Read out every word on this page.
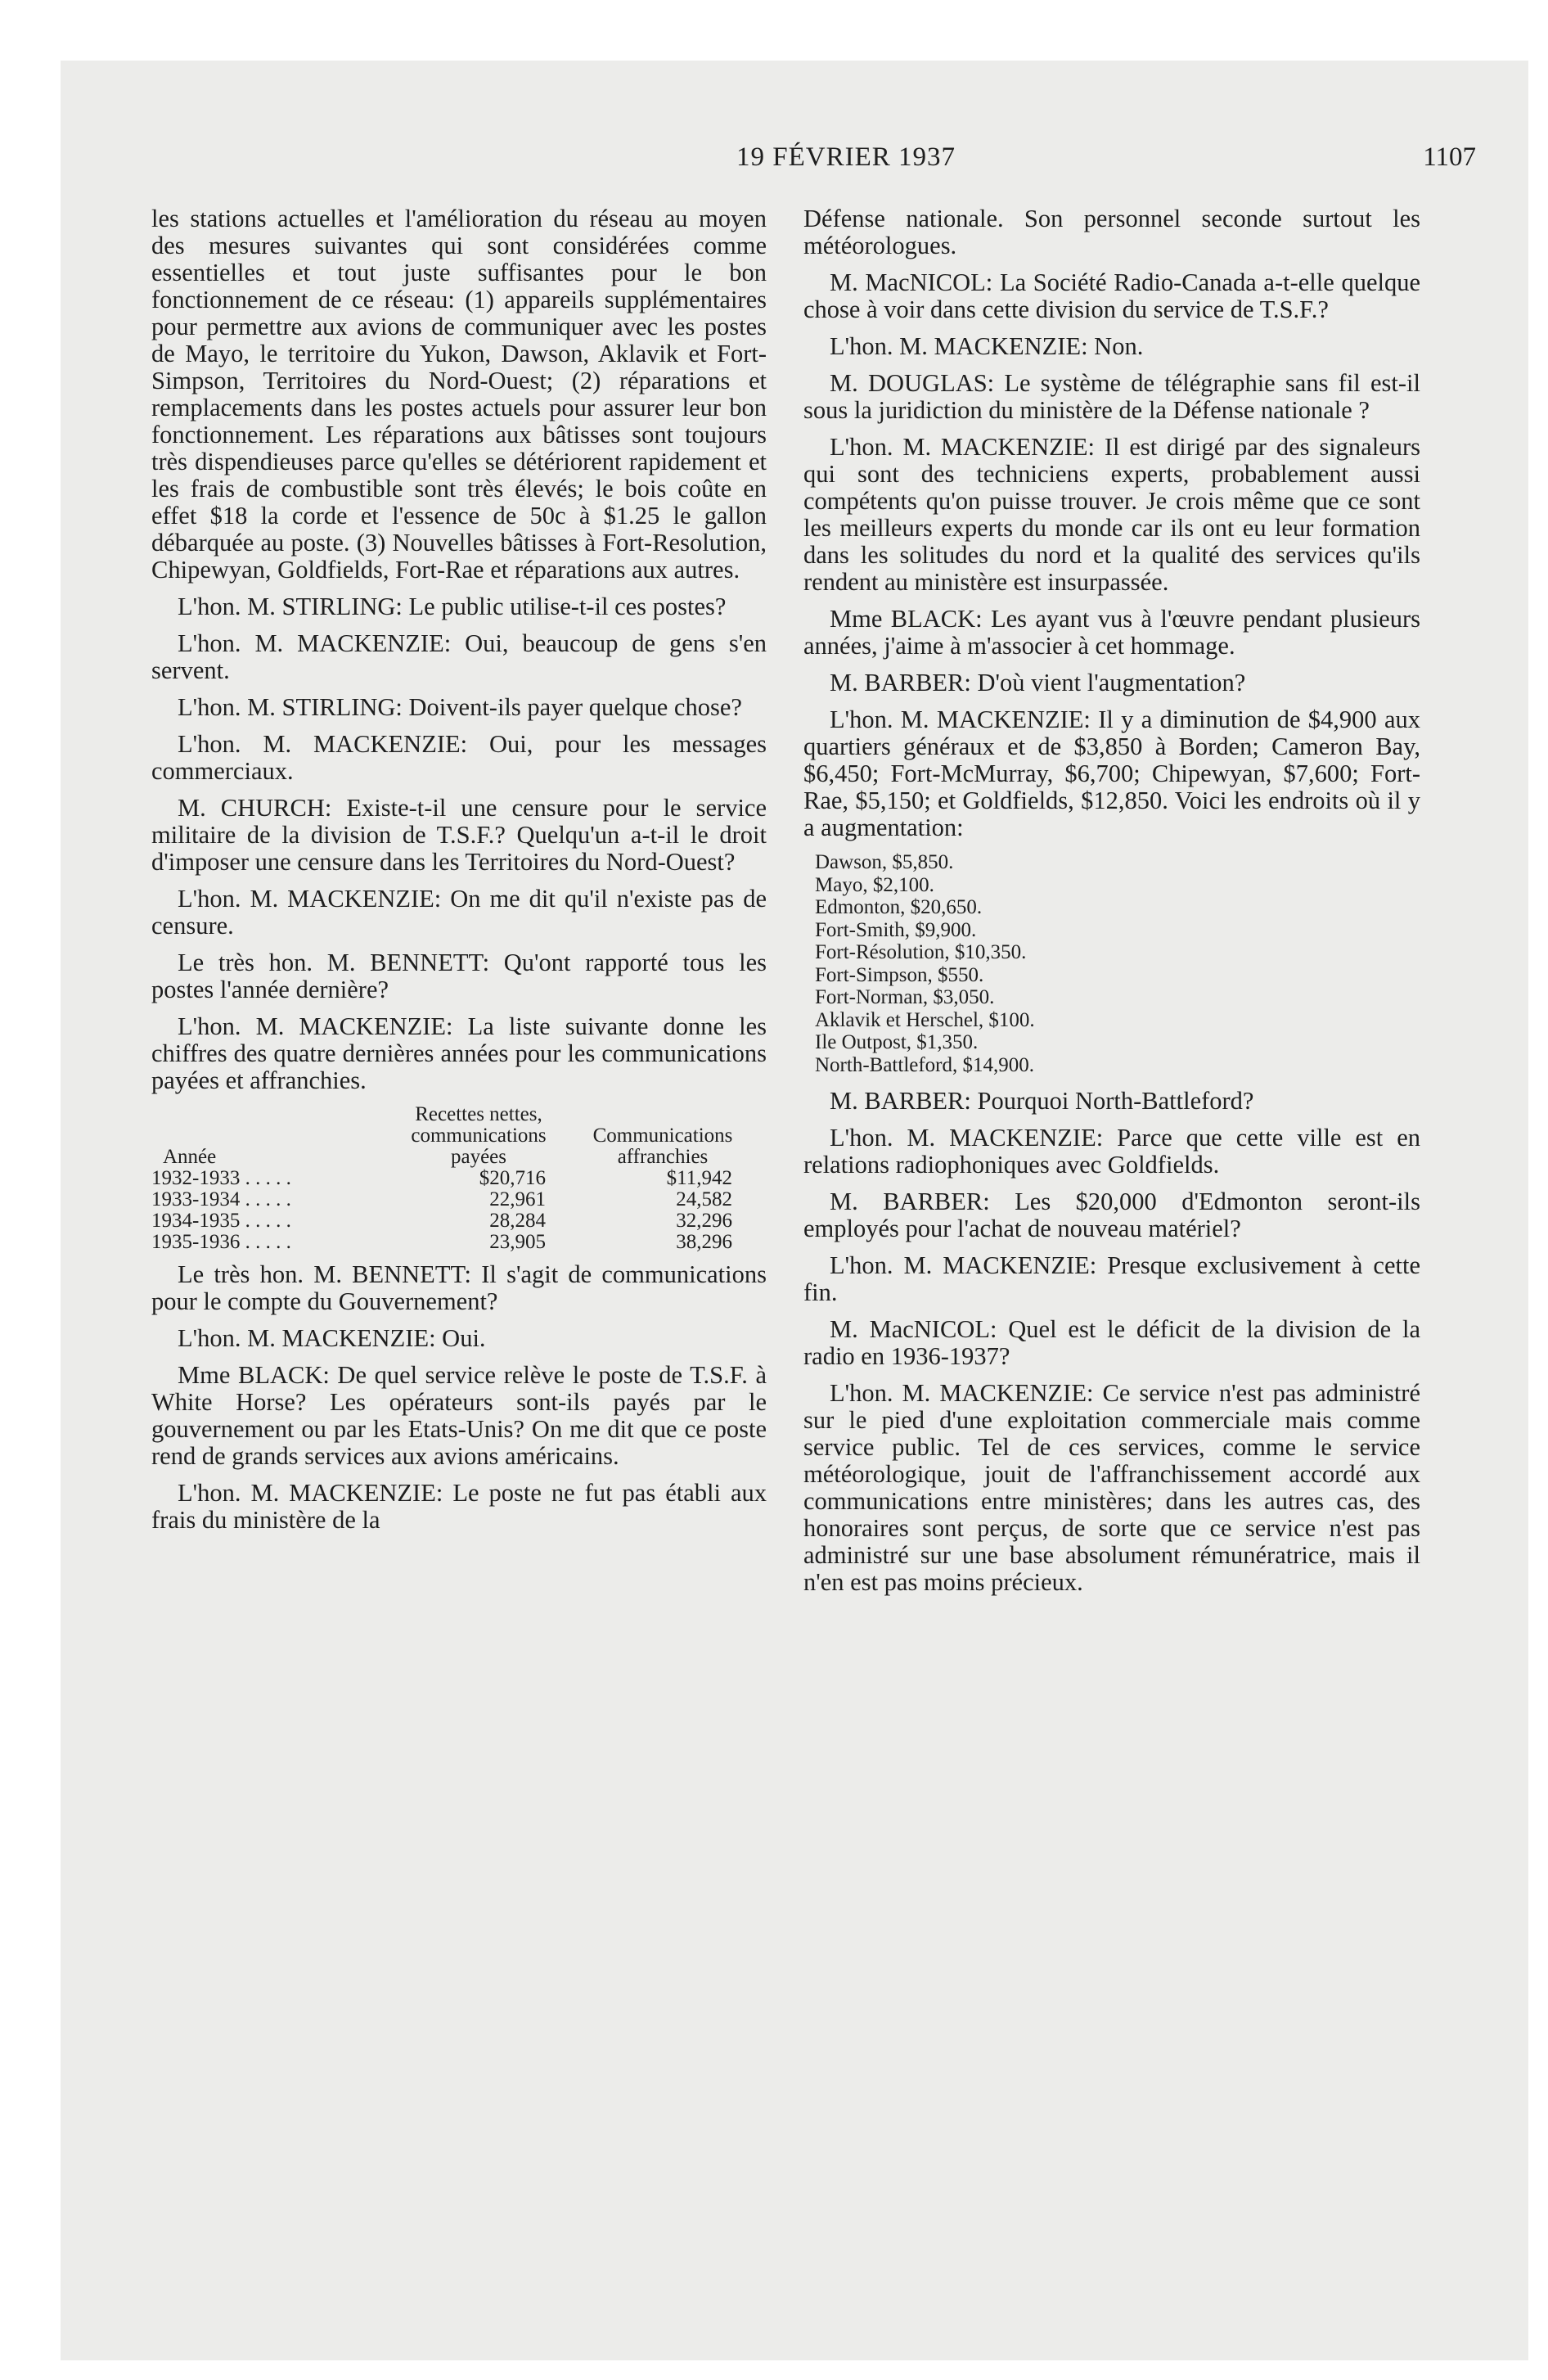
19 FÉVRIER 1937	1107

les stations actuelles et l'amélioration du réseau au moyen des mesures suivantes qui sont considérées comme essentielles et tout juste suffisantes pour le bon fonctionnement de ce réseau: (1) appareils supplémentaires pour permettre aux avions de communiquer avec les postes de Mayo, le territoire du Yukon, Dawson, Aklavik et Fort-Simpson, Territoires du Nord-Ouest; (2) réparations et remplacements dans les postes actuels pour assurer leur bon fonctionnement. Les réparations aux bâtisses sont toujours très dispendieuses parce qu'elles se détériorent rapidement et les frais de combustible sont très élevés; le bois coûte en effet $18 la corde et l'essence de 50c à $1.25 le gallon débarquée au poste. (3) Nouvelles bâtisses à Fort-Resolution, Chipewyan, Goldfields, Fort-Rae et réparations aux autres.

L'hon. M. STIRLING: Le public utilise-t-il ces postes?

L'hon. M. MACKENZIE: Oui, beaucoup de gens s'en servent.

L'hon. M. STIRLING: Doivent-ils payer quelque chose?

L'hon. M. MACKENZIE: Oui, pour les messages commerciaux.

M. CHURCH: Existe-t-il une censure pour le service militaire de la division de T.S.F.? Quelqu'un a-t-il le droit d'imposer une censure dans les Territoires du Nord-Ouest?

L'hon. M. MACKENZIE: On me dit qu'il n'existe pas de censure.

Le très hon. M. BENNETT: Qu'ont rapporté tous les postes l'année dernière?

L'hon. M. MACKENZIE: La liste suivante donne les chiffres des quatre dernières années pour les communications payées et affranchies.

Année
Recettes nettes, communications payées
Communications affranchies
1932-1933 . . . . .	$20,716	$11,942
1933-1934 . . . . .	22,961	24,582
1934-1935 . . . . .	28,284	32,296
1935-1936 . . . . .	23,905	38,296

Le très hon. M. BENNETT: Il s'agit de communications pour le compte du Gouvernement?

L'hon. M. MACKENZIE: Oui.

Mme BLACK: De quel service relève le poste de T.S.F. à White Horse? Les opérateurs sont-ils payés par le gouvernement ou par les Etats-Unis? On me dit que ce poste rend de grands services aux avions américains.

L'hon. M. MACKENZIE: Le poste ne fut pas établi aux frais du ministère de la

Défense nationale. Son personnel seconde surtout les météorologues.

M. MacNICOL: La Société Radio-Canada a-t-elle quelque chose à voir dans cette division du service de T.S.F.?

L'hon. M. MACKENZIE: Non.

M. DOUGLAS: Le système de télégraphie sans fil est-il sous la juridiction du ministère de la Défense nationale ?

L'hon. M. MACKENZIE: Il est dirigé par des signaleurs qui sont des techniciens experts, probablement aussi compétents qu'on puisse trouver. Je crois même que ce sont les meilleurs experts du monde car ils ont eu leur formation dans les solitudes du nord et la qualité des services qu'ils rendent au ministère est insurpassée.

Mme BLACK: Les ayant vus à l'œuvre pendant plusieurs années, j'aime à m'associer à cet hommage.

M. BARBER: D'où vient l'augmentation?

L'hon. M. MACKENZIE: Il y a diminution de $4,900 aux quartiers généraux et de $3,850 à Borden; Cameron Bay, $6,450; Fort-McMurray, $6,700; Chipewyan, $7,600; Fort-Rae, $5,150; et Goldfields, $12,850. Voici les endroits où il y a augmentation:

Dawson, $5,850.
Mayo, $2,100.
Edmonton, $20,650.
Fort-Smith, $9,900.
Fort-Résolution, $10,350.
Fort-Simpson, $550.
Fort-Norman, $3,050.
Aklavik et Herschel, $100.
Ile Outpost, $1,350.
North-Battleford, $14,900.

M. BARBER: Pourquoi North-Battleford?

L'hon. M. MACKENZIE: Parce que cette ville est en relations radiophoniques avec Goldfields.

M. BARBER: Les $20,000 d'Edmonton seront-ils employés pour l'achat de nouveau matériel?

L'hon. M. MACKENZIE: Presque exclusivement à cette fin.

M. MacNICOL: Quel est le déficit de la division de la radio en 1936-1937?

L'hon. M. MACKENZIE: Ce service n'est pas administré sur le pied d'une exploitation commerciale mais comme service public. Tel de ces services, comme le service météorologique, jouit de l'affranchissement accordé aux communications entre ministères; dans les autres cas, des honoraires sont perçus, de sorte que ce service n'est pas administré sur une base absolument rémunératrice, mais il n'en est pas moins précieux.
